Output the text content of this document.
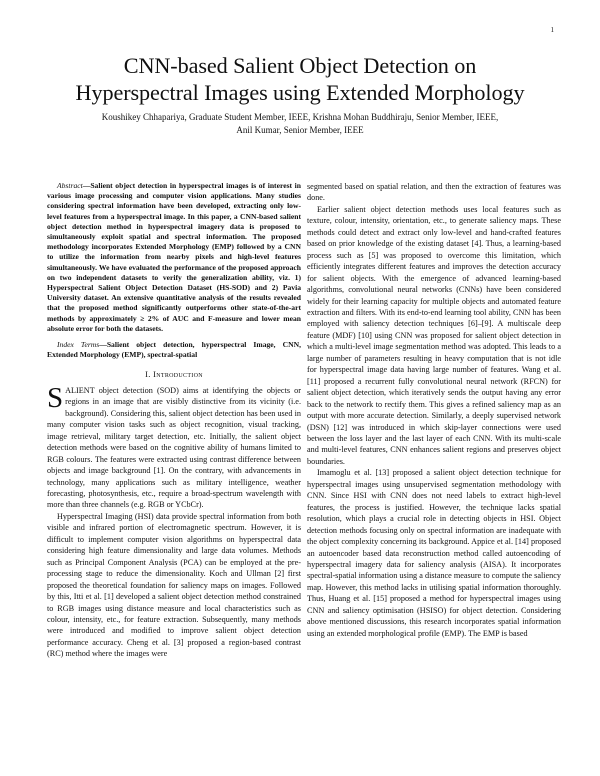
1
CNN-based Salient Object Detection on
Hyperspectral Images using Extended Morphology
Koushikey Chhapariya, Graduate Student Member, IEEE, Krishna Mohan Buddhiraju, Senior Member, IEEE,
Anil Kumar, Senior Member, IEEE

Abstract—Salient object detection in hyperspectral images is of interest in various image processing and computer vision applications. Many studies considering spectral information have been developed, extracting only low-level features from a hyperspectral image. In this paper, a CNN-based salient object detection method in hyperspectral imagery data is proposed to simultaneously exploit spatial and spectral information. The proposed methodology incorporates Extended Morphology (EMP) followed by a CNN to utilize the information from nearby pixels and high-level features simultaneously. We have evaluated the performance of the proposed approach on two independent datasets to verify the generalization ability, viz. 1) Hyperspectral Salient Object Detection Dataset (HS-SOD) and 2) Pavia University dataset. An extensive quantitative analysis of the results revealed that the proposed method significantly outperforms other state-of-the-art methods by approximately ≥ 2% of AUC and F-measure and lower mean absolute error for both the datasets.

Index Terms—Salient object detection, hyperspectral Image, CNN, Extended Morphology (EMP), spectral-spatial

I. Introduction

SALIENT object detection (SOD) aims at identifying the objects or regions in an image that are visibly distinctive from its vicinity (i.e. background). Considering this, salient object detection has been used in many computer vision tasks such as object recognition, visual tracking, image retrieval, military target detection, etc. Initially, the salient object detection methods were based on the cognitive ability of humans limited to RGB colours. The features were extracted using contrast difference between objects and image background [1]. On the contrary, with advancements in technology, many applications such as military intelligence, weather forecasting, photosynthesis, etc., require a broad-spectrum wavelength with more than three channels (e.g. RGB or YCbCr).

Hyperspectral Imaging (HSI) data provide spectral information from both visible and infrared portion of electromagnetic spectrum. However, it is difficult to implement computer vision algorithms on hyperspectral data considering high feature dimensionality and large data volumes. Methods such as Principal Component Analysis (PCA) can be employed at the pre-processing stage to reduce the dimensionality. Koch and Ullman [2] first proposed the theoretical foundation for saliency maps on images. Followed by this, Itti et al. [1] developed a salient object detection method constrained to RGB images using distance measure and local characteristics such as colour, intensity, etc., for feature extraction. Subsequently, many methods were introduced and modified to improve salient object detection performance accuracy. Cheng et al. [3] proposed a region-based contrast (RC) method where the images were

segmented based on spatial relation, and then the extraction of features was done.

Earlier salient object detection methods uses local features such as texture, colour, intensity, orientation, etc., to generate saliency maps. These methods could detect and extract only low-level and hand-crafted features based on prior knowledge of the existing dataset [4]. Thus, a learning-based process such as [5] was proposed to overcome this limitation, which efficiently integrates different features and improves the detection accuracy for salient objects. With the emergence of advanced learning-based algorithms, convolutional neural networks (CNNs) have been considered widely for their learning capacity for multiple objects and automated feature extraction and filters. With its end-to-end learning tool ability, CNN has been employed with saliency detection techniques [6]–[9]. A multiscale deep feature (MDF) [10] using CNN was proposed for salient object detection in which a multi-level image segmentation method was adopted. This leads to a large number of parameters resulting in heavy computation that is not idle for hyperspectral image data having large number of features. Wang et al. [11] proposed a recurrent fully convolutional neural network (RFCN) for salient object detection, which iteratively sends the output having any error back to the network to rectify them. This gives a refined saliency map as an output with more accurate detection. Similarly, a deeply supervised network (DSN) [12] was introduced in which skip-layer connections were used between the loss layer and the last layer of each CNN. With its multi-scale and multi-level features, CNN enhances salient regions and preserves object boundaries.

Imamoglu et al. [13] proposed a salient object detection technique for hyperspectral images using unsupervised segmentation methodology with CNN. Since HSI with CNN does not need labels to extract high-level features, the process is justified. However, the technique lacks spatial resolution, which plays a crucial role in detecting objects in HSI. Object detection methods focusing only on spectral information are inadequate with the object complexity concerning its background. Appice et al. [14] proposed an autoencoder based data reconstruction method called autoencoding of hyperspectral imagery data for saliency analysis (AISA). It incorporates spectral-spatial information using a distance measure to compute the saliency map. However, this method lacks in utilising spatial information thoroughly. Thus, Huang et al. [15] proposed a method for hyperspectral images using CNN and saliency optimisation (HSISO) for object detection. Considering above mentioned discussions, this research incorporates spatial information using an extended morphological profile (EMP). The EMP is based
